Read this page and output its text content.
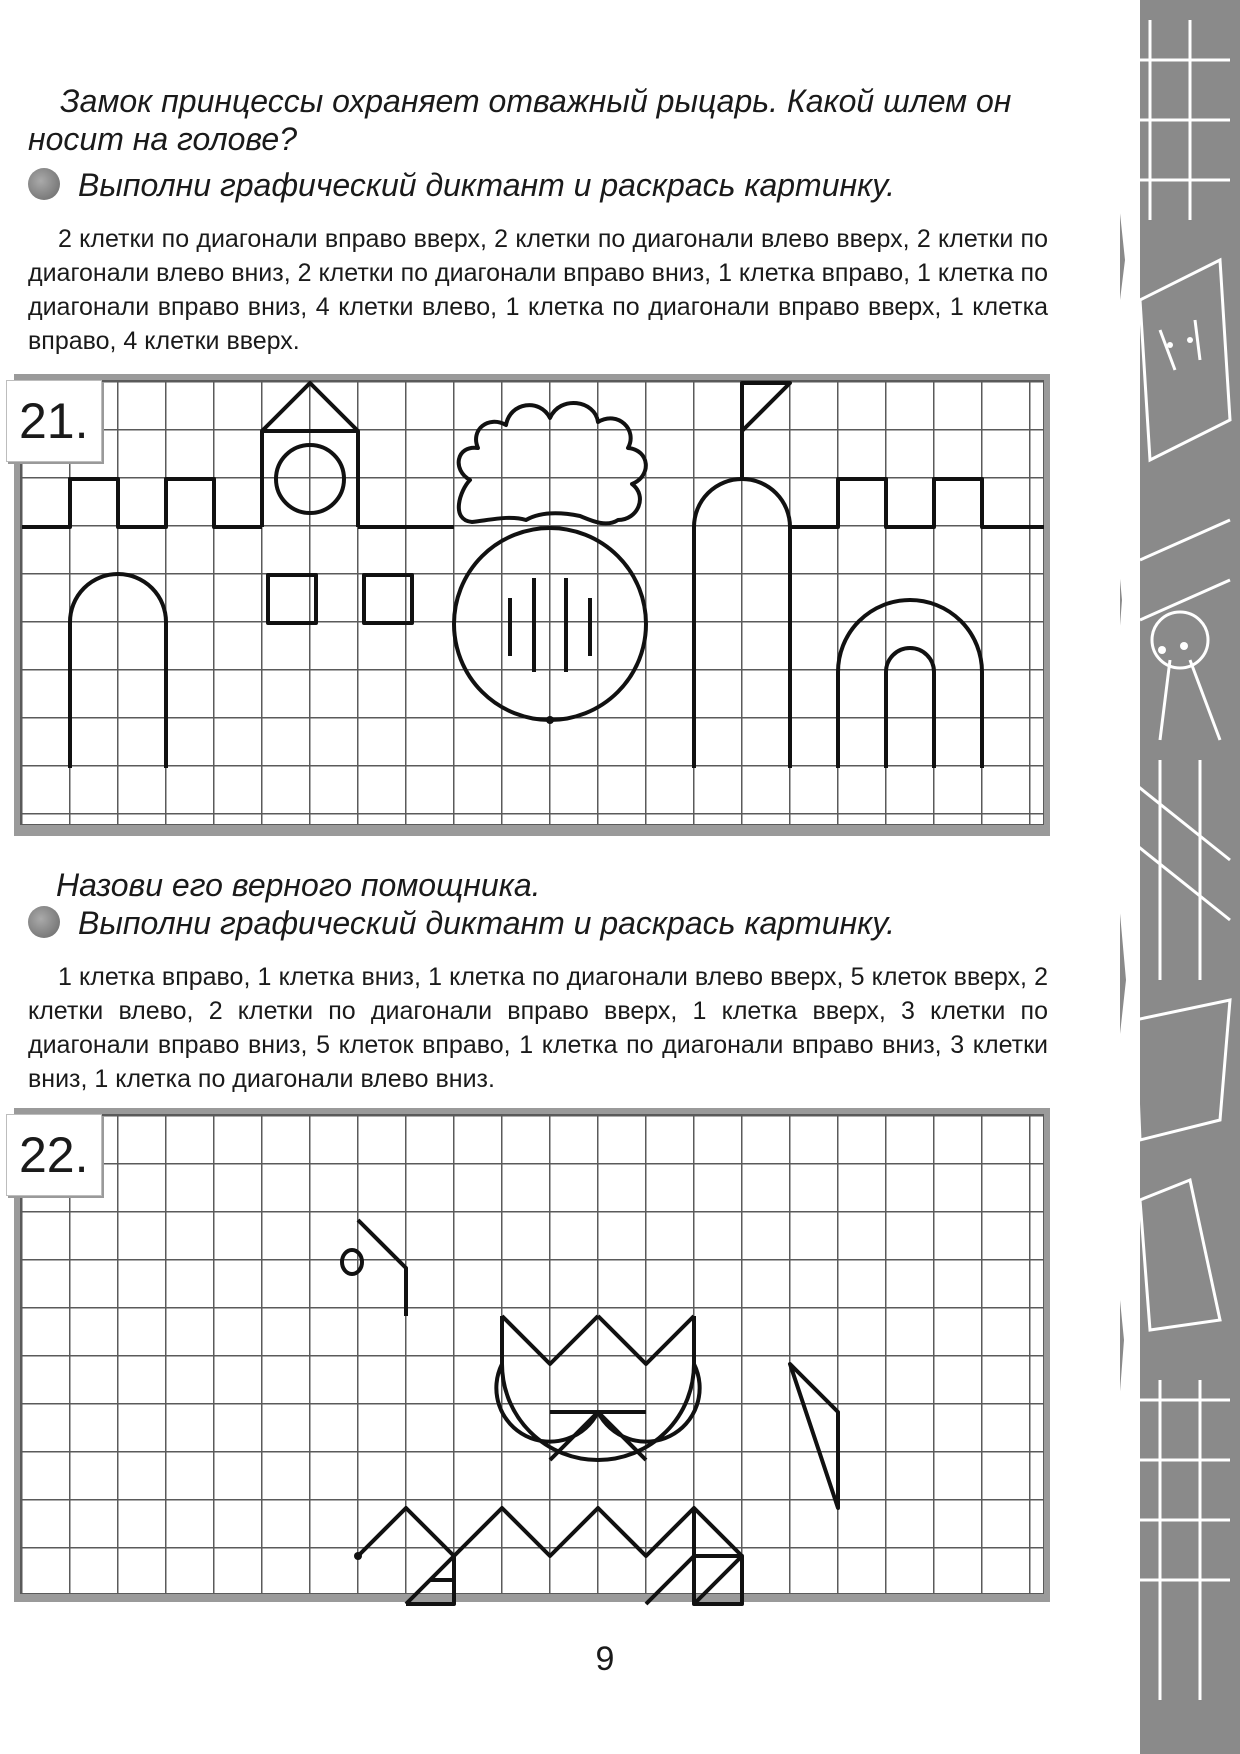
Замок принцессы охраняет отважный рыцарь. Какой шлем он носит на голове?
Выполни графический диктант и раскрась картинку.
2 клетки по диагонали вправо вверх, 2 клетки по диагонали влево вверх, 2 клетки по диагонали влево вниз, 2 клетки по диагонали вправо вниз, 1 клетка вправо, 1 клетка по диагонали вправо вниз, 4 клетки влево, 1 клетка по диагонали вправо вверх, 1 клетка вправо, 4 клетки вверх.
21.
Назови его верного помощника.
Выполни графический диктант и раскрась картинку.
1 клетка вправо, 1 клетка вниз, 1 клетка по диагонали влево вверх, 5 клеток вверх, 2 клетки влево, 2 клетки по диагонали вправо вверх, 1 клетка вверх, 3 клетки по диагонали вправо вниз, 5 клеток вправо, 1 клетка по диагонали вправо вниз, 3 клетки вниз, 1 клетка по диагонали влево вниз.
22.
9
